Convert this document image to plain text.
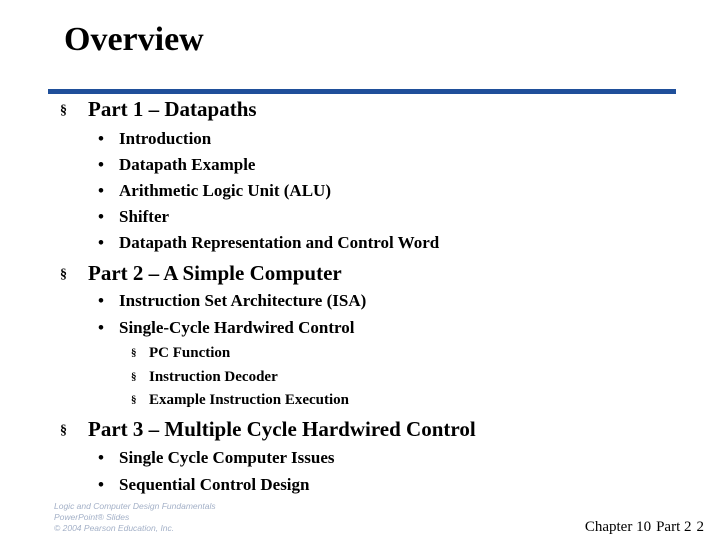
Overview
§ Part 1 – Datapaths
• Introduction
• Datapath Example
• Arithmetic Logic Unit (ALU)
• Shifter
• Datapath Representation and Control Word
§ Part 2 – A Simple Computer
• Instruction Set Architecture (ISA)
• Single-Cycle Hardwired Control
§ PC Function
§ Instruction Decoder
§ Example Instruction Execution
§ Part 3 – Multiple Cycle Hardwired Control
• Single Cycle Computer Issues
• Sequential Control Design
Logic and Computer Design Fundamentals
PowerPoint® Slides
© 2004 Pearson Education, Inc.	Chapter 10 Part 2 2
